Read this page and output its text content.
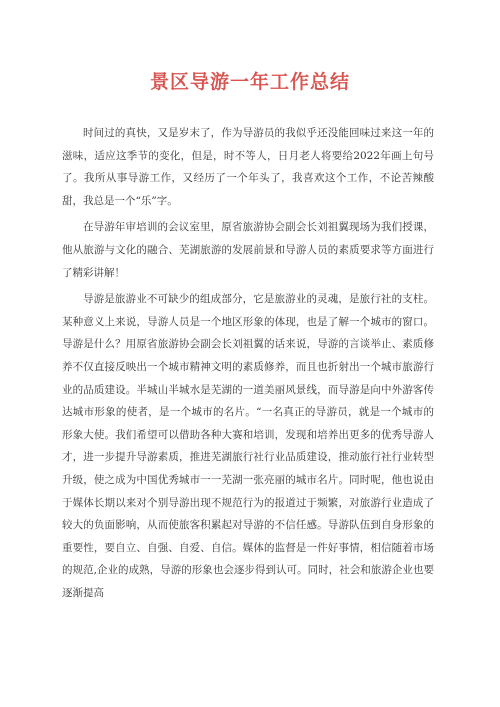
景区导游一年工作总结

时间过的真快，又是岁末了，作为导游员的我似乎还没能回味过来这一年的滋味，适应这季节的变化，但是，时不等人，日月老人将要给2022年画上句号了。我所从事导游工作，又经历了一个年头了，我喜欢这个工作，不论苦辣酸甜，我总是一个“乐”字。

在导游年审培训的会议室里，原省旅游协会副会长刘祖翼现场为我们授课，他从旅游与文化的融合、芜湖旅游的发展前景和导游人员的素质要求等方面进行了精彩讲解！

导游是旅游业不可缺少的组成部分，它是旅游业的灵魂，是旅行社的支柱。某种意义上来说，导游人员是一个地区形象的体现，也是了解一个城市的窗口。导游是什么？用原省旅游协会副会长刘祖翼的话来说，导游的言谈举止、素质修养不仅直接反映出一个城市精神文明的素质修养，而且也折射出一个城市旅游行业的品质建设。半城山半城水是芜湖的一道美丽风景线，而导游是向中外游客传达城市形象的使者，是一个城市的名片。“一名真正的导游员，就是一个城市的形象大使。我们希望可以借助各种大赛和培训，发现和培养出更多的优秀导游人才，进一步提升导游素质，推进芜湖旅行社行业品质建设，推动旅行社行业转型升级，使之成为中国优秀城市一一芜湖一张亮丽的城市名片。同时呢，他也说由于媒体长期以来对个别导游出现不规范行为的报道过于频繁，对旅游行业造成了较大的负面影响，从而使旅客积累起对导游的不信任感。导游队伍到自身形象的重要性，要自立、自强、自爱、自信。媒体的监督是一件好事情，相信随着市场的规范,企业的成熟，导游的形象也会逐步得到认可。同时，社会和旅游企业也要逐渐提高
